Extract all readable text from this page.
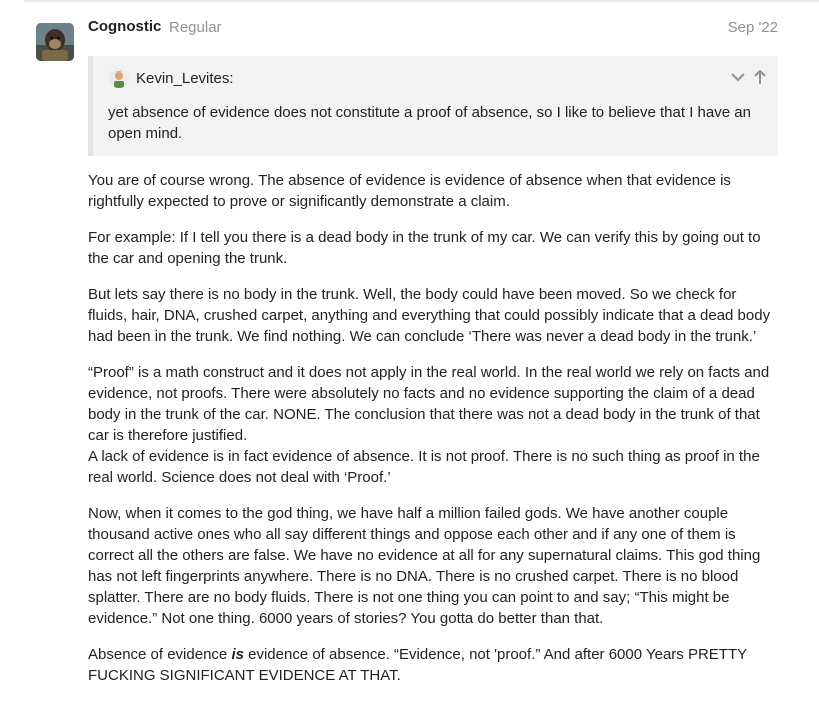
Cognostic Regular	Sep '22
Kevin_Levites:
yet absence of evidence does not constitute a proof of absence, so I like to believe that I have an open mind.

You are of course wrong. The absence of evidence is evidence of absence when that evidence is rightfully expected to prove or significantly demonstrate a claim.

For example: If I tell you there is a dead body in the trunk of my car. We can verify this by going out to the car and opening the trunk.

But lets say there is no body in the trunk. Well, the body could have been moved. So we check for fluids, hair, DNA, crushed carpet, anything and everything that could possibly indicate that a dead body had been in the trunk. We find nothing. We can conclude ‘There was never a dead body in the trunk.’

“Proof” is a math construct and it does not apply in the real world. In the real world we rely on facts and evidence, not proofs. There were absolutely no facts and no evidence supporting the claim of a dead body in the trunk of the car. NONE. The conclusion that there was not a dead body in the trunk of that car is therefore justified.

A lack of evidence is in fact evidence of absence. It is not proof. There is no such thing as proof in the real world. Science does not deal with ‘Proof.’

Now, when it comes to the god thing, we have half a million failed gods. We have another couple thousand active ones who all say different things and oppose each other and if any one of them is correct all the others are false. We have no evidence at all for any supernatural claims. This god thing has not left fingerprints anywhere. There is no DNA. There is no crushed carpet. There is no blood splatter. There are no body fluids. There is not one thing you can point to and say; “This might be evidence.” Not one thing. 6000 years of stories? You gotta do better than that.

Absence of evidence is evidence of absence. “Evidence, not 'proof.” And after 6000 Years PRETTY FUCKING SIGNIFICANT EVIDENCE AT THAT.
